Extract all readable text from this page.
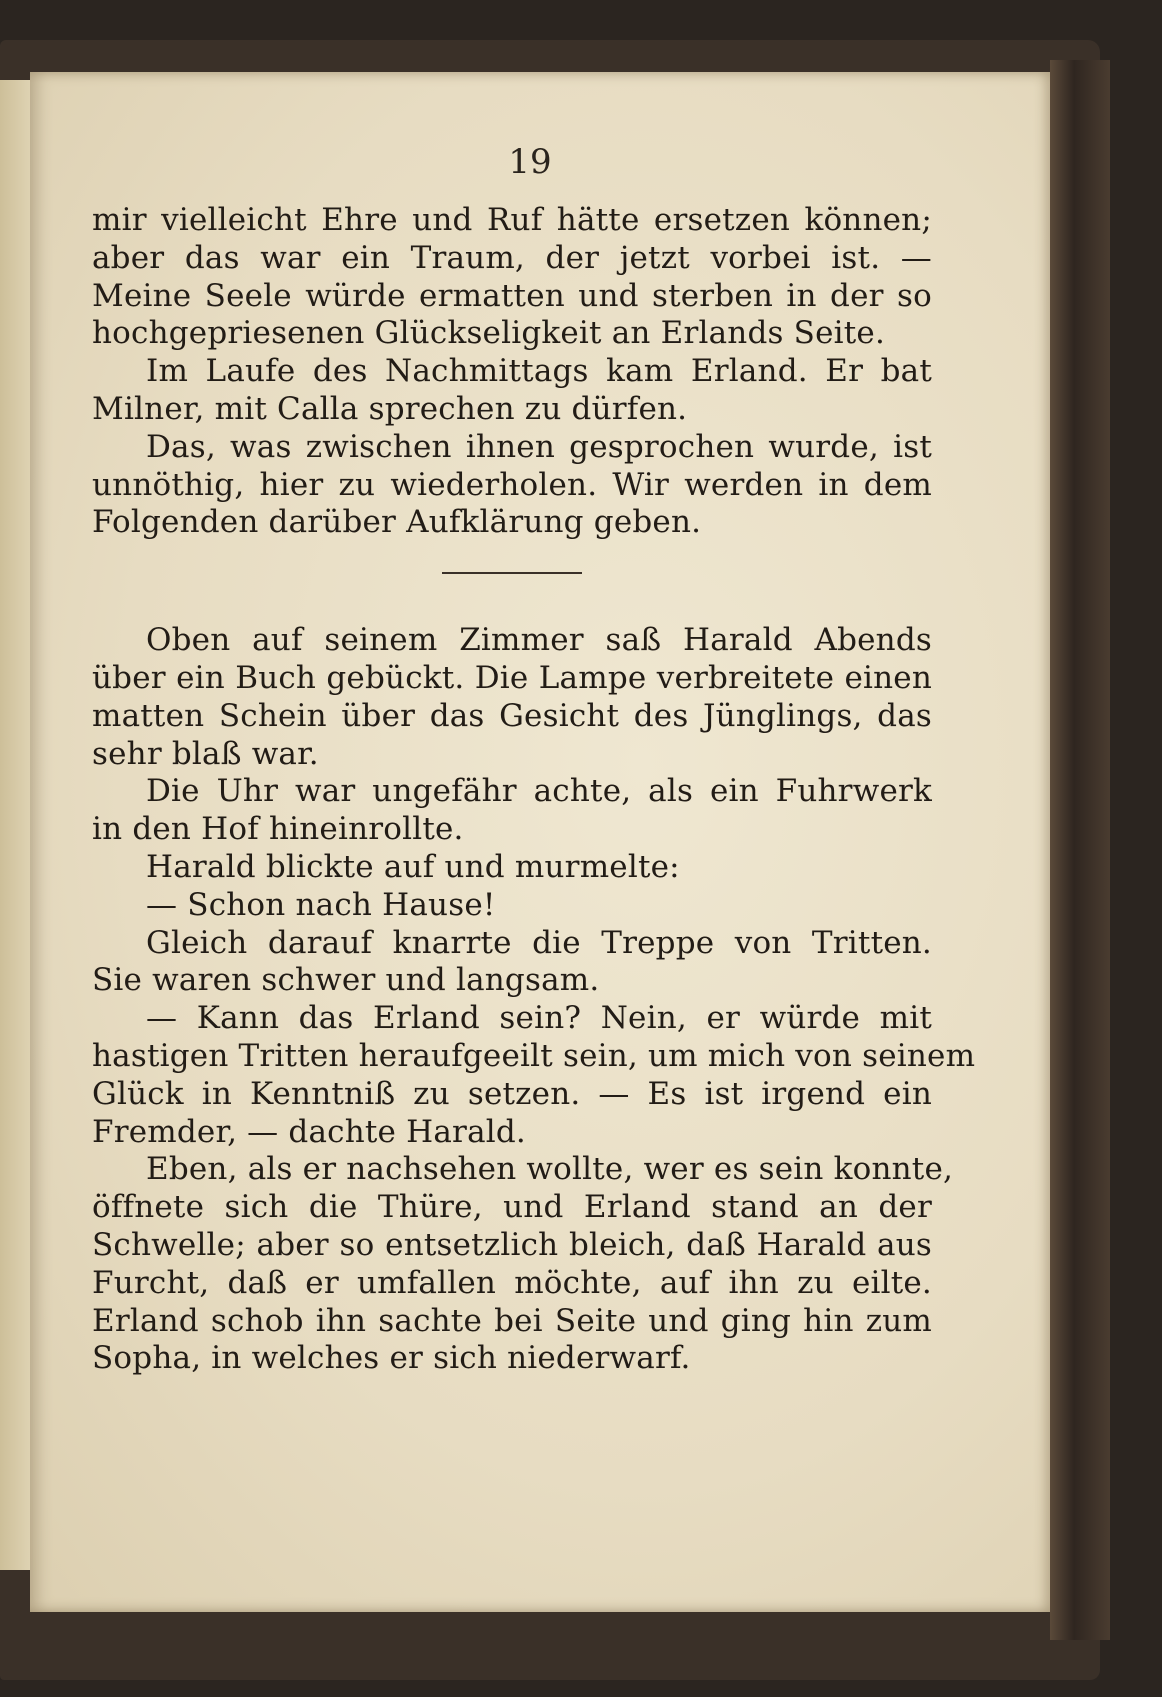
19
mir vielleicht Ehre und Ruf hätte ersetzen können;
aber das war ein Traum, der jetzt vorbei ist. —
Meine Seele würde ermatten und sterben in der so
hochgepriesenen Glückseligkeit an Erlands Seite.
Im Laufe des Nachmittags kam Erland. Er bat
Milner, mit Calla sprechen zu dürfen.
Das, was zwischen ihnen gesprochen wurde, ist
unnöthig, hier zu wiederholen. Wir werden in dem
Folgenden darüber Aufklärung geben.
Oben auf seinem Zimmer saß Harald Abends
über ein Buch gebückt. Die Lampe verbreitete einen
matten Schein über das Gesicht des Jünglings, das
sehr blaß war.
Die Uhr war ungefähr achte, als ein Fuhrwerk
in den Hof hineinrollte.
Harald blickte auf und murmelte:
— Schon nach Hause!
Gleich darauf knarrte die Treppe von Tritten.
Sie waren schwer und langsam.
— Kann das Erland sein? Nein, er würde mit
hastigen Tritten heraufgeeilt sein, um mich von seinem
Glück in Kenntniß zu setzen. — Es ist irgend ein
Fremder, — dachte Harald.
Eben, als er nachsehen wollte, wer es sein konnte,
öffnete sich die Thüre, und Erland stand an der
Schwelle; aber so entsetzlich bleich, daß Harald aus
Furcht, daß er umfallen möchte, auf ihn zu eilte.
Erland schob ihn sachte bei Seite und ging hin zum
Sopha, in welches er sich niederwarf.
